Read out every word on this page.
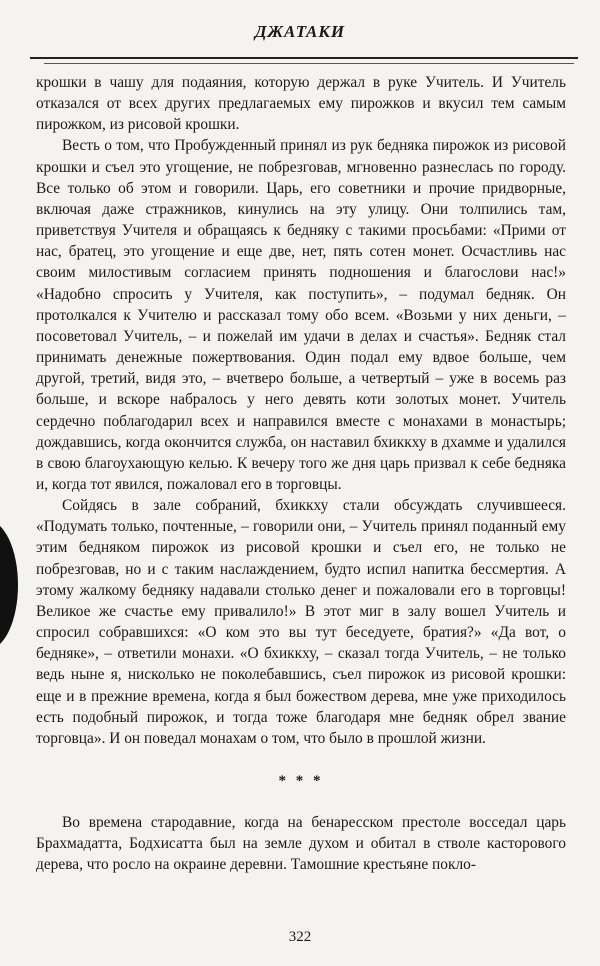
ДЖАТАКИ

крошки в чашу для подаяния, которую держал в руке Учитель. И Учитель отказался от всех других предлагаемых ему пирожков и вкусил тем самым пирожком, из рисовой крошки.

Весть о том, что Пробужденный принял из рук бедняка пирожок из рисовой крошки и съел это угощение, не побрезговав, мгновенно разнеслась по городу. Все только об этом и говорили. Царь, его советники и прочие придворные, включая даже стражников, кинулись на эту улицу. Они толпились там, приветствуя Учителя и обращаясь к бедняку с такими просьбами: «Прими от нас, братец, это угощение и еще две, нет, пять сотен монет. Осчастливь нас своим милостивым согласием принять подношения и благослови нас!» «Надобно спросить у Учителя, как поступить», – подумал бедняк. Он протолкался к Учителю и рассказал тому обо всем. «Возьми у них деньги, – посоветовал Учитель, – и пожелай им удачи в делах и счастья». Бедняк стал принимать денежные пожертвования. Один подал ему вдвое больше, чем другой, третий, видя это, – вчетверо больше, а четвертый – уже в восемь раз больше, и вскоре набралось у него девять коти золотых монет. Учитель сердечно поблагодарил всех и направился вместе с монахами в монастырь; дождавшись, когда окончится служба, он наставил бхиккху в дхамме и удалился в свою благоухающую келью. К вечеру того же дня царь призвал к себе бедняка и, когда тот явился, пожаловал его в торговцы.

Сойдясь в зале собраний, бхиккху стали обсуждать случившееся. «Подумать только, почтенные, – говорили они, – Учитель принял поданный ему этим бедняком пирожок из рисовой крошки и съел его, не только не побрезговав, но и с таким наслаждением, будто испил напитка бессмертия. А этому жалкому бедняку надавали столько денег и пожаловали его в торговцы! Великое же счастье ему привалило!» В этот миг в залу вошел Учитель и спросил собравшихся: «О ком это вы тут беседуете, братия?» «Да вот, о бедняке», – ответили монахи. «О бхиккху, – сказал тогда Учитель, – не только ведь ныне я, нисколько не поколебавшись, съел пирожок из рисовой крошки: еще и в прежние времена, когда я был божеством дерева, мне уже приходилось есть подобный пирожок, и тогда тоже благодаря мне бедняк обрел звание торговца». И он поведал монахам о том, что было в прошлой жизни.

* * *

Во времена стародавние, когда на бенаресском престоле восседал царь Брахмадатта, Бодхисатта был на земле духом и обитал в стволе касторового дерева, что росло на окраине деревни. Тамошние крестьяне покло-

322
